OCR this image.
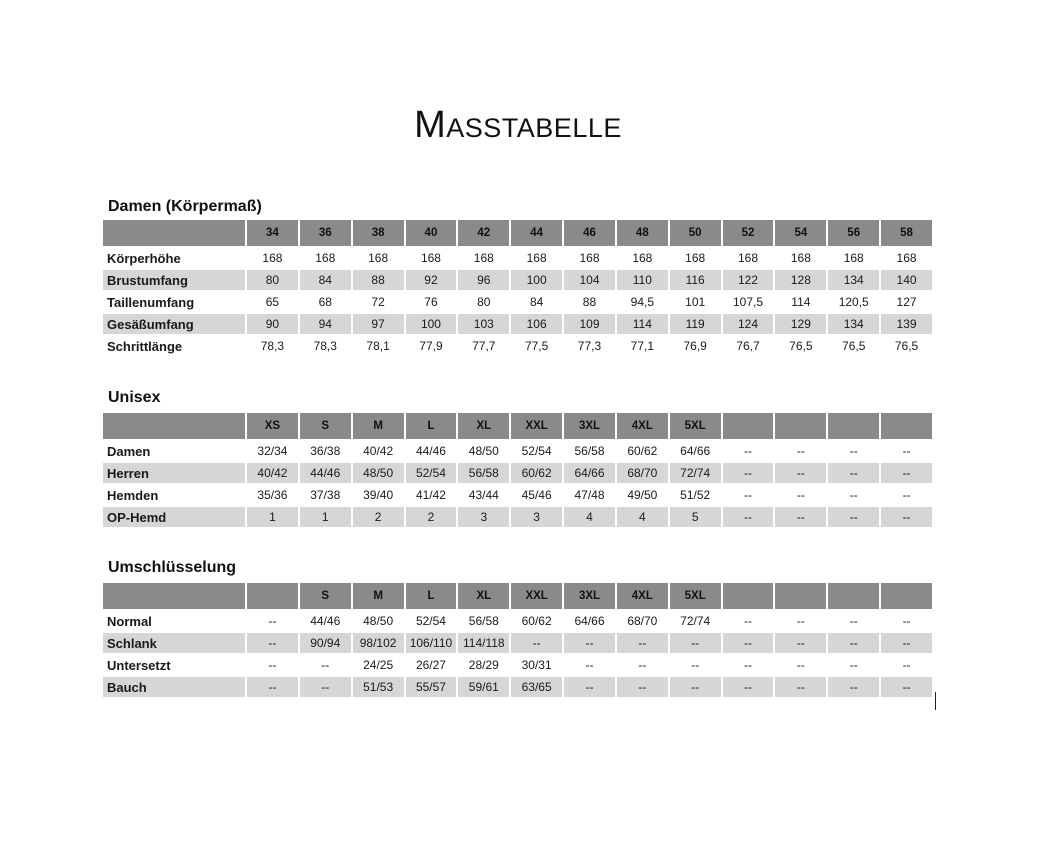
Masstabelle
Damen (Körpermaß)
	34	36	38	40	42	44	46	48	50	52	54	56	58
Körperhöhe	168	168	168	168	168	168	168	168	168	168	168	168	168
Brustumfang	80	84	88	92	96	100	104	110	116	122	128	134	140
Taillenumfang	65	68	72	76	80	84	88	94,5	101	107,5	114	120,5	127
Gesäßumfang	90	94	97	100	103	106	109	114	119	124	129	134	139
Schrittlänge	78,3	78,3	78,1	77,9	77,7	77,5	77,3	77,1	76,9	76,7	76,5	76,5	76,5
Unisex
	XS	S	M	L	XL	XXL	3XL	4XL	5XL				
Damen	32/34	36/38	40/42	44/46	48/50	52/54	56/58	60/62	64/66	--	--	--	--
Herren	40/42	44/46	48/50	52/54	56/58	60/62	64/66	68/70	72/74	--	--	--	--
Hemden	35/36	37/38	39/40	41/42	43/44	45/46	47/48	49/50	51/52	--	--	--	--
OP-Hemd	1	1	2	2	3	3	4	4	5	--	--	--	--
Umschlüsselung
		S	M	L	XL	XXL	3XL	4XL	5XL				
Normal	--	44/46	48/50	52/54	56/58	60/62	64/66	68/70	72/74	--	--	--	--
Schlank	--	90/94	98/102	106/110	114/118	--	--	--	--	--	--	--	--
Untersetzt	--	--	24/25	26/27	28/29	30/31	--	--	--	--	--	--	--
Bauch	--	--	51/53	55/57	59/61	63/65	--	--	--	--	--	--	--
